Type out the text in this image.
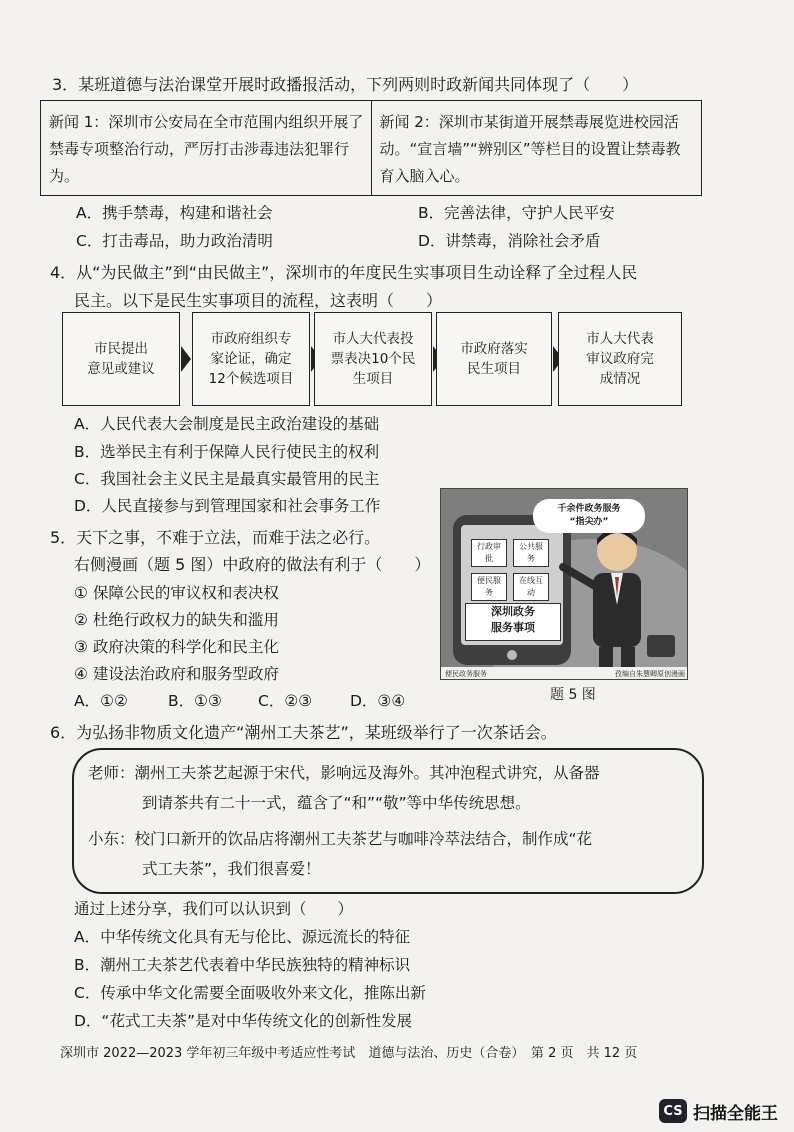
3．某班道德与法治课堂开展时政播报活动，下列两则时政新闻共同体现了（　　）
新闻 1：深圳市公安局在全市范围内组织开展了禁毒专项整治行动，严厉打击涉毒违法犯罪行为。
新闻 2：深圳市某街道开展禁毒展览进校园活动。“宣言墙”“辨别区”等栏目的设置让禁毒教育入脑入心。
A．携手禁毒，构建和谐社会	B．完善法律，守护人民平安
C．打击毒品，助力政治清明	D．讲禁毒，消除社会矛盾
4．从“为民做主”到“由民做主”，深圳市的年度民生实事项目生动诠释了全过程人民
民主。以下是民生实事项目的流程，这表明（　　）
市民提出
意见或建议
市政府组织专
家论证，确定
12个候选项目
市人大代表投
票表决10个民
生项目
市政府落实
民生项目
市人大代表
审议政府完
成情况
A．人民代表大会制度是民主政治建设的基础
B．选举民主有利于保障人民行使民主的权利
C．我国社会主义民主是最真实最管用的民主
D．人民直接参与到管理国家和社会事务工作
5．天下之事，不难于立法，而难于法之必行。
右侧漫画（题 5 图）中政府的做法有利于（　　）
① 保障公民的审议权和表决权
② 杜绝行政权力的缺失和滥用
③ 政府决策的科学化和民主化
④ 建设法治政府和服务型政府
A．①②	B．①③ C．②③ D．③④
千余件政务服务
“指尖办”
行政审批
公共服务
便民服务
在线互动
深圳政务
服务事项
便民政务服务	孜编自朱慧卿原创漫画
题 5 图
6．为弘扬非物质文化遗产“潮州工夫茶艺”，某班级举行了一次茶话会。
老师：潮州工夫茶艺起源于宋代，影响远及海外。其冲泡程式讲究，从备器
到请茶共有二十一式，蕴含了“和”“敬”等中华传统思想。
小东：校门口新开的饮品店将潮州工夫茶艺与咖啡冷萃法结合，制作成“花
式工夫茶”，我们很喜爱！
通过上述分享，我们可以认识到（　　）
A．中华传统文化具有无与伦比、源远流长的特征
B．潮州工夫茶艺代表着中华民族独特的精神标识
C．传承中华文化需要全面吸收外来文化，推陈出新
D．“花式工夫茶”是对中华传统文化的创新性发展
深圳市 2022—2023 学年初三年级中考适应性考试　道德与法治、历史（合卷）　第 2 页　共 12 页
CS 扫描全能王
